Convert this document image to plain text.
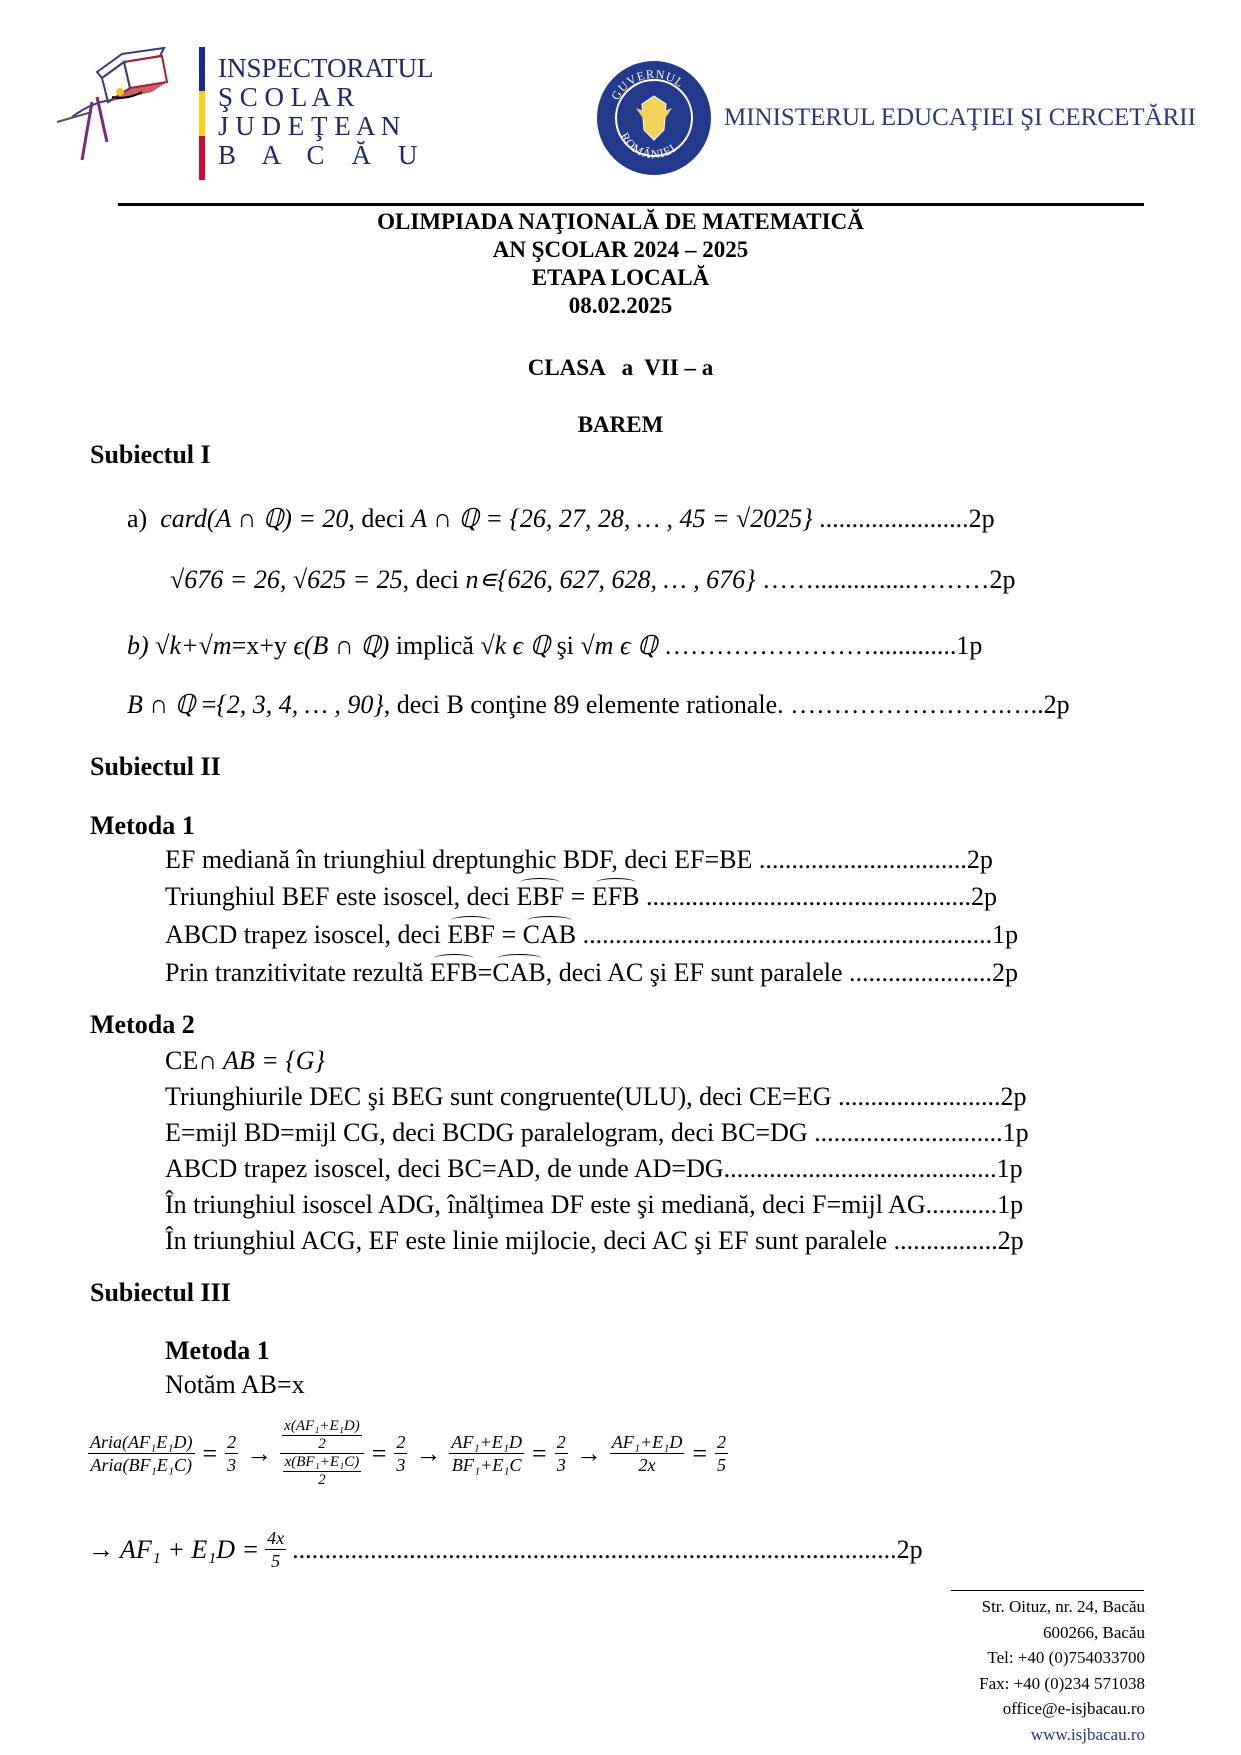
INSPECTORATUL
Ş C O L A R
J U D E Ţ E A N
B    A    C    Ă    U
GUVERNUL
ROMÂNIEI
MINISTERUL EDUCAŢIEI ŞI CERCETĂRII
OLIMPIADA NAŢIONALĂ DE MATEMATICĂ
AN ŞCOLAR 2024 – 2025
ETAPA LOCALĂ
08.02.2025
CLASA   a  VII – a
BAREM
Subiectul I
a) card(A ∩ ℚ) = 20, deci A ∩ ℚ = {26, 27, 28, … , 45 = √2025} .......................2p
√676 = 26, √625 = 25, deci n∊{626, 627, 628, … , 676} ……...............………2p
b) √k+√m=x+y ϵ(B ∩ ℚ) implică √k ϵ ℚ şi √m ϵ ℚ …………………….............1p
B ∩ ℚ ={2, 3, 4, … , 90}, deci B conţine 89 elemente rationale. …………………….…..2p
Subiectul II
Metoda 1
EF mediană în triunghiul dreptunghic BDF, deci EF=BE ................................2p
Triunghiul BEF este isoscel, deci EBF = EFB ..................................................2p
ABCD trapez isoscel, deci EBF = CAB ...............................................................1p
Prin tranzitivitate rezultă EFB=CAB, deci AC şi EF sunt paralele ......................2p
Metoda 2
CE∩ AB = {G}
Triunghiurile DEC şi BEG sunt congruente(ULU), deci CE=EG .........................2p
E=mijl BD=mijl CG, deci BCDG paralelogram, deci BC=DG .............................1p
ABCD trapez isoscel, deci BC=AD, de unde AD=DG..........................................1p
În triunghiul isoscel ADG, înălţimea DF este şi mediană, deci F=mijl AG...........1p
În triunghiul ACG, EF este linie mijlocie, deci AC şi EF sunt paralele ................2p
Subiectul III
Metoda 1
Notăm AB=x
$\frac{\text{Aria(AF₁E₁D)}}{\text{Aria(BF₁E₁C)}} = \frac{2}{3} \to \frac{\frac{\text{x(AF₁+E₁D)}}{2}}{\frac{\text{x(BF₁+E₁C)}}{2}} = \frac{2}{3} \to \frac{\text{AF₁+E₁D}}{\text{BF₁+E₁C}} = \frac{2}{3} \to \frac{\text{AF₁+E₁D}}{2x} = \frac{2}{5}$
→ $AF_1 + E_1D = \frac{4x}{5} .............................................................................................2p$
Str. Oituz, nr. 24, Bacău
600266, Bacău
Tel: +40 (0)754033700
Fax: +40 (0)234 571038
office@e-isjbacau.ro
www.isjbacau.ro
